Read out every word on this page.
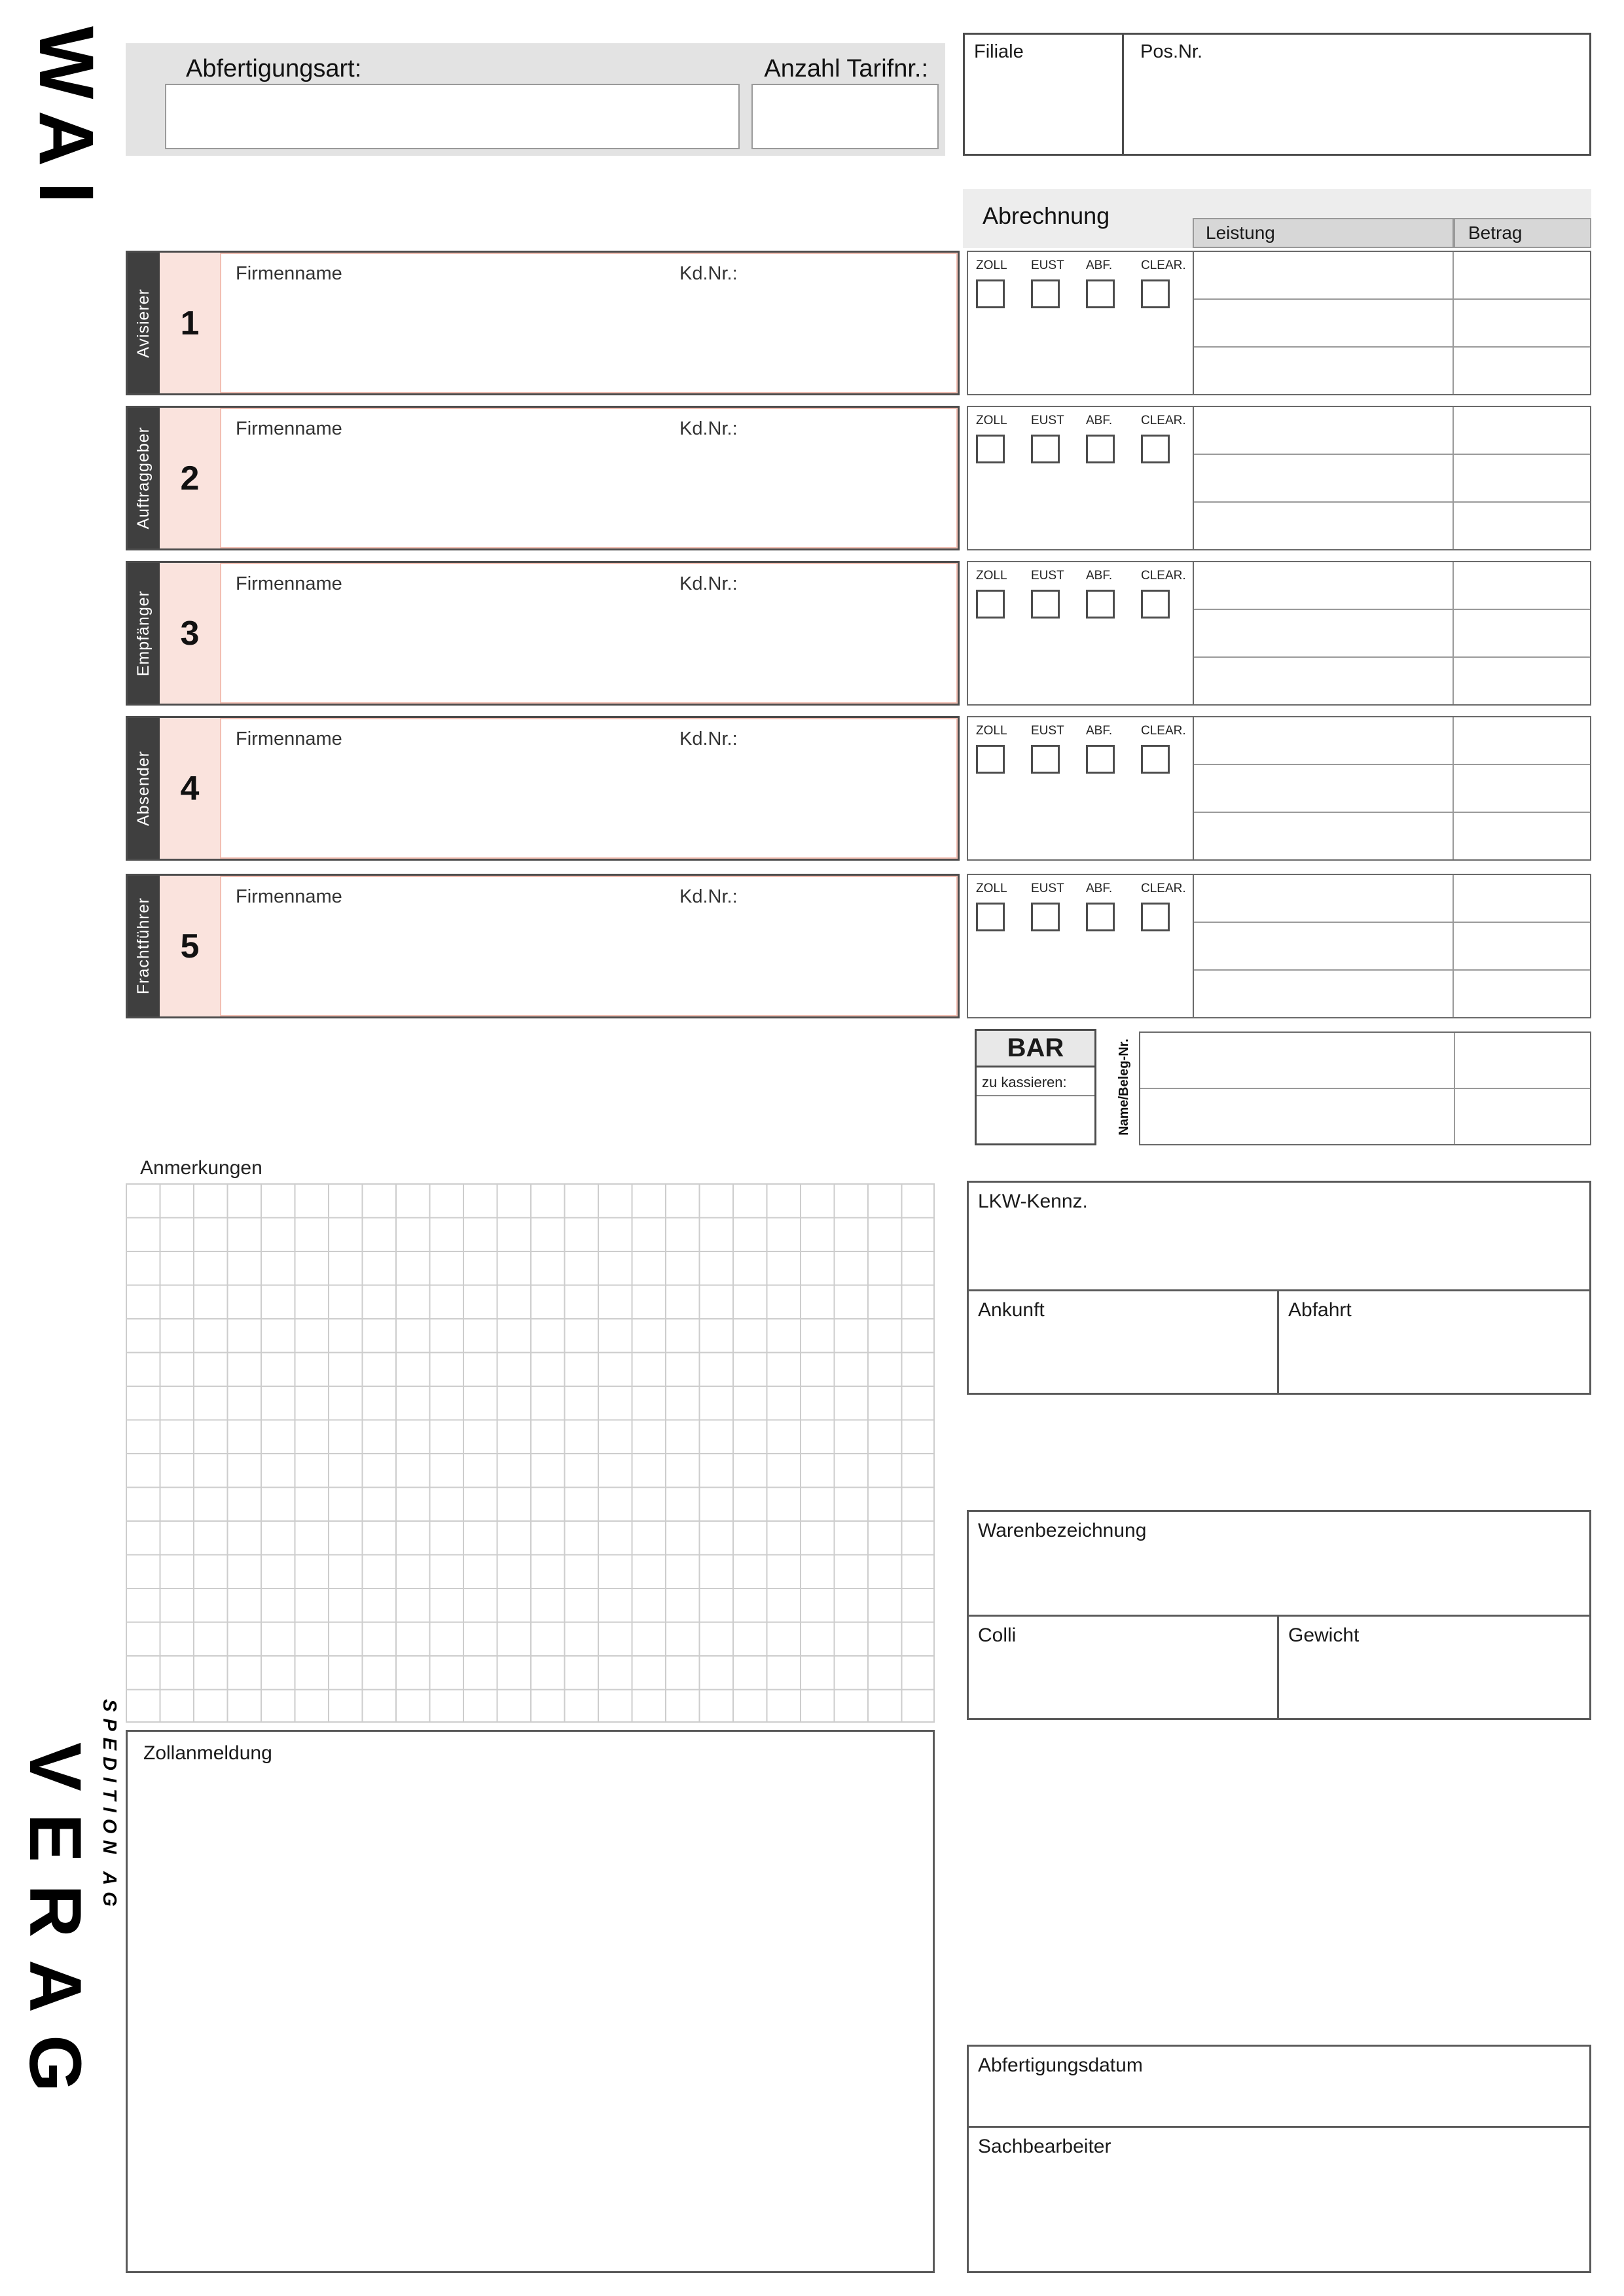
WAI	Abfertigungsart:	Anzahl Tarifnr.:
Filiale	Pos.Nr.
Abrechnung
Leistung	Betrag
Avisierer 1
Firmenname	Kd.Nr.:	ZOLL EUST ABF. CLEAR.
Auftraggeber 2
Firmenname	Kd.Nr.:	ZOLL EUST ABF. CLEAR.
Empfänger 3
Firmenname	Kd.Nr.:	ZOLL EUST ABF. CLEAR.
Absender 4
Firmenname	Kd.Nr.:	ZOLL EUST ABF. CLEAR.
Frachtführer 5
Firmenname	Kd.Nr.:	ZOLL EUST ABF. CLEAR.
BAR
zu kassieren:	Name/Beleg-Nr.
Anmerkungen
LKW-Kennz.
Ankunft	Abfahrt
Warenbezeichnung
Colli	Gewicht
Zollanmeldung
Abfertigungsdatum
Sachbearbeiter
VERAG SPEDITION AG
